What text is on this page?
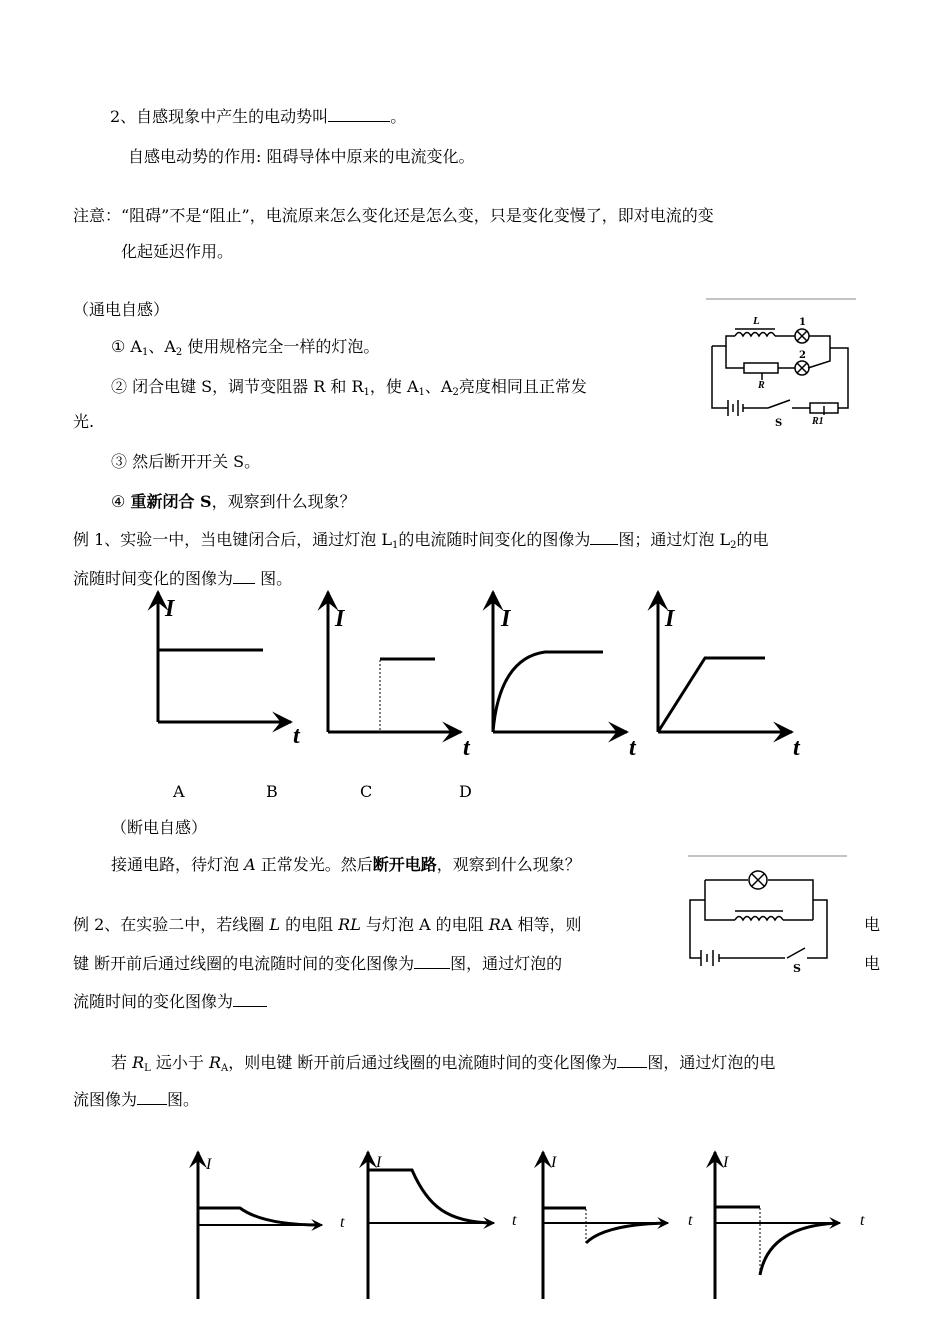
2、自感现象中产生的电动势叫	。
自感电动势的作用: 阻碍导体中原来的电流变化。
注意：“阻碍”不是“阻止”，电流原来怎么变化还是怎么变，只是变化变慢了，即对电流的变
化起延迟作用。
（通电自感）
① $A_1$、$A_2$ 使用规格完全一样的灯泡。
② 闭合电键 S，调节变阻器 R 和 $R_1$，使 $A_1$、$A_2$亮度相同且正常发
光.
③ 然后断开开关 S。
④ 重新闭合 S，观察到什么现象？
例 1、实验一中，当电键闭合后，通过灯泡 $L_1$的电流随时间变化的图像为 图；通过灯泡 $L_2$的电
流随时间变化的图像为 图。
L	1
2
R
S	R1
I
t
I
t
I
t
I
t
A	B	C	D
（断电自感）
接通电路，待灯泡 A 正常发光。然后断开电路，观察到什么现象？
S
例 2、在实验二中，若线圈 L 的电阻 RL 与灯泡 A 的电阻 RA 相等，则	电
键 断开前后通过线圈的电流随时间的变化图像为 图，通过灯泡的	电
流随时间的变化图像为
若 $R_L$ 远小于 $R_A$，则电键 断开前后通过线圈的电流随时间的变化图像为 图，通过灯泡的电
流图像为 图。
I
t
I
t
I
t
I
t
